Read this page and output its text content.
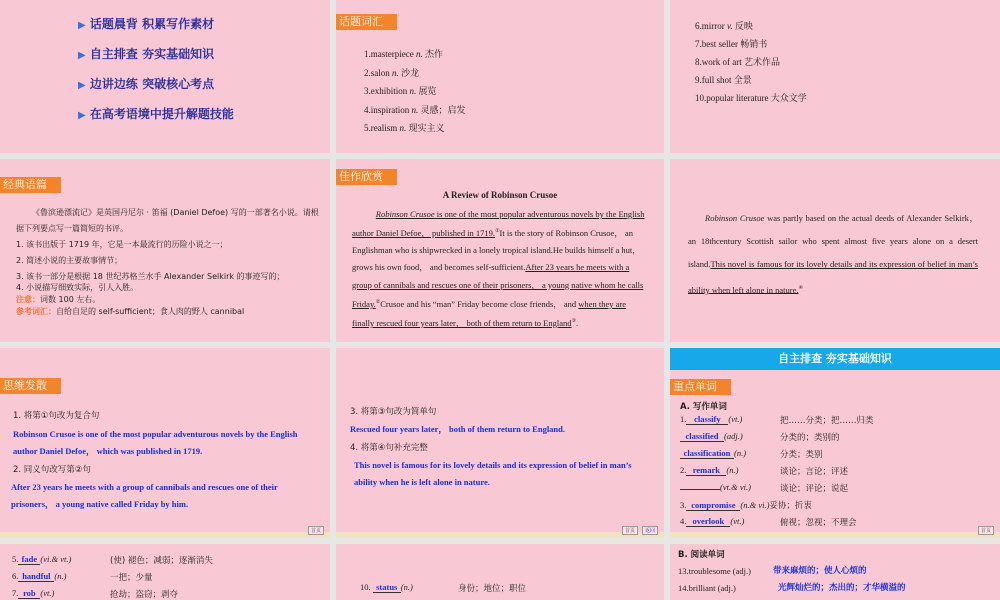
▶ 话题晨背 积累写作素材
▶ 自主排查 夯实基础知识
▶ 边讲边练 突破核心考点
▶ 在高考语境中提升解题技能
话题词汇
1.masterpiece n. 杰作
2.salon n. 沙龙
3.exhibition n. 展览
4.inspiration n. 灵感；启发
5.realism n. 现实主义
6.mirror v. 反映
7.best seller 畅销书
8.work of art 艺术作品
9.full shot 全景
10.popular literature 大众文学
经典语篇
《鲁滨逊漂流记》是英国丹尼尔 · 笛福 (Daniel Defoe) 写的一部著名小说。请根据下列要点写一篇简短的书评。
1. 该书出版于 1719 年，它是一本最流行的历险小说之一；
2. 简述小说的主要故事情节；
3. 该书一部分是根据 18 世纪苏格兰水手 Alexander Selkirk 的事迹写的；
4. 小说描写细致实际，引人入胜。
注意：词数 100 左右。
参考词汇：自给自足的 self-sufficient；食人肉的野人 cannibal
佳作欣赏
A Review of Robinson Crusoe
Robinson Crusoe is one of the most popular adventurous novels by the English author Daniel Defoe， published in 1719.①It is the story of Robinson Crusoe， an Englishman who is shipwrecked in a lonely tropical island.He builds himself a hut， grows his own food， and becomes self-sufficient.After 23 years he meets with a group of cannibals and rescues one of their prisoners， a young native whom he calls Friday.②Crusoe and his “man” Friday become close friends， and when they are finally rescued four years later， both of them return to England③.
Robinson Crusoe was partly based on the actual deeds of Alexander Selkirk， an 18thcentury Scottish sailor who spent almost five years alone on a desert island.This novel is famous for its lovely details and its expression of belief in man’s ability when left alone in nature.④
思维发散
1. 将第①句改为复合句
Robinson Crusoe is one of the most popular adventurous novels by the English author Daniel Defoe， which was published in 1719.
2. 同义句改写第②句
After 23 years he meets with a group of cannibals and rescues one of their prisoners， a young native called Friday by him.
首页
3. 将第③句改为简单句
Rescued four years later， both of them return to England.
4. 将第④句补充完整
This novel is famous for its lovely details and its expression of belief in man’s ability when he is left alone in nature.
首页	返回
自主排查 夯实基础知识
重点单词
A. 写作单词
1. classify (vt.)	把……分类；把……归类
classified (adj.)	分类的；类别的
classification (n.)	分类；类别
2. remark (n.)	谈论；言论；评述
(vt.& vi.)	谈论；评论；说起
3. compromise (n.& vi.)妥协；折衷
4. overlook (vt.)	俯视；忽视；不理会
首页
5. fade (vi.& vt.)	(使) 褪色；减弱；逐渐消失
6. handful (n.)	一把；少量
7. rob (vt.)	抢劫；盗窃；剥夺
10. status (n.)	身份；地位；职位
B. 阅读单词
13.troublesome (adj.)	带来麻烦的；使人心烦的
14.brilliant (adj.)	光辉灿烂的；杰出的；才华横溢的
